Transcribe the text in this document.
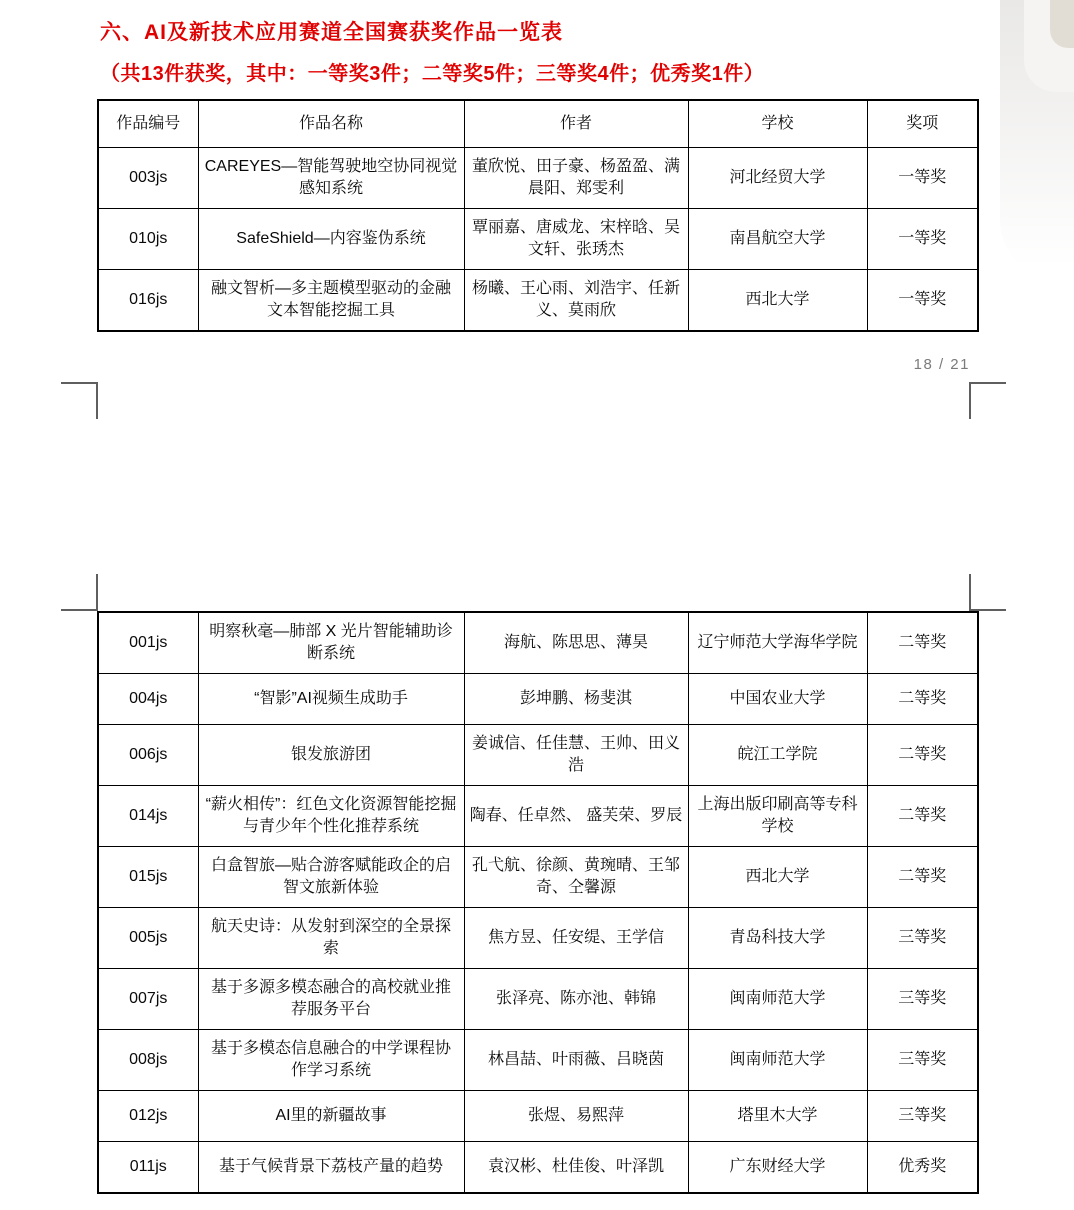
六、AI及新技术应用赛道全国赛获奖作品一览表
（共13件获奖，其中：一等奖3件；二等奖5件；三等奖4件；优秀奖1件）
作品编号	作品名称	作者	学校	奖项
003js	CAREYES—智能驾驶地空协同视觉感知系统	董欣悦、田子豪、杨盈盈、满晨阳、郑雯利	河北经贸大学	一等奖
010js	SafeShield—内容鉴伪系统	覃丽嘉、唐威龙、宋梓晗、吴文轩、张琇杰	南昌航空大学	一等奖
016js	融文智析—多主题模型驱动的金融文本智能挖掘工具	杨曦、王心雨、刘浩宇、任新义、莫雨欣	西北大学	一等奖
18 / 21
001js	明察秋毫—肺部 X 光片智能辅助诊断系统	海航、陈思思、薄昊	辽宁师范大学海华学院	二等奖
004js	“智影”AI视频生成助手	彭坤鹏、杨斐淇	中国农业大学	二等奖
006js	银发旅游团	姜诚信、任佳慧、王帅、田义浩	皖江工学院	二等奖
014js	“薪火相传”：红色文化资源智能挖掘与青少年个性化推荐系统	陶春、任卓然、 盛芙荣、罗辰	上海出版印刷高等专科学校	二等奖
015js	白盒智旅—贴合游客赋能政企的启智文旅新体验	孔弋航、徐颜、黄琬晴、王邹奇、仝馨源	西北大学	二等奖
005js	航天史诗：从发射到深空的全景探索	焦方昱、任安缇、王学信	青岛科技大学	三等奖
007js	基于多源多模态融合的高校就业推荐服务平台	张泽亮、陈亦池、韩锦	闽南师范大学	三等奖
008js	基于多模态信息融合的中学课程协作学习系统	林昌喆、叶雨薇、吕晓茵	闽南师范大学	三等奖
012js	AI里的新疆故事	张煜、易熙萍	塔里木大学	三等奖
011js	基于气候背景下荔枝产量的趋势	袁汉彬、杜佳俊、叶泽凯	广东财经大学	优秀奖
